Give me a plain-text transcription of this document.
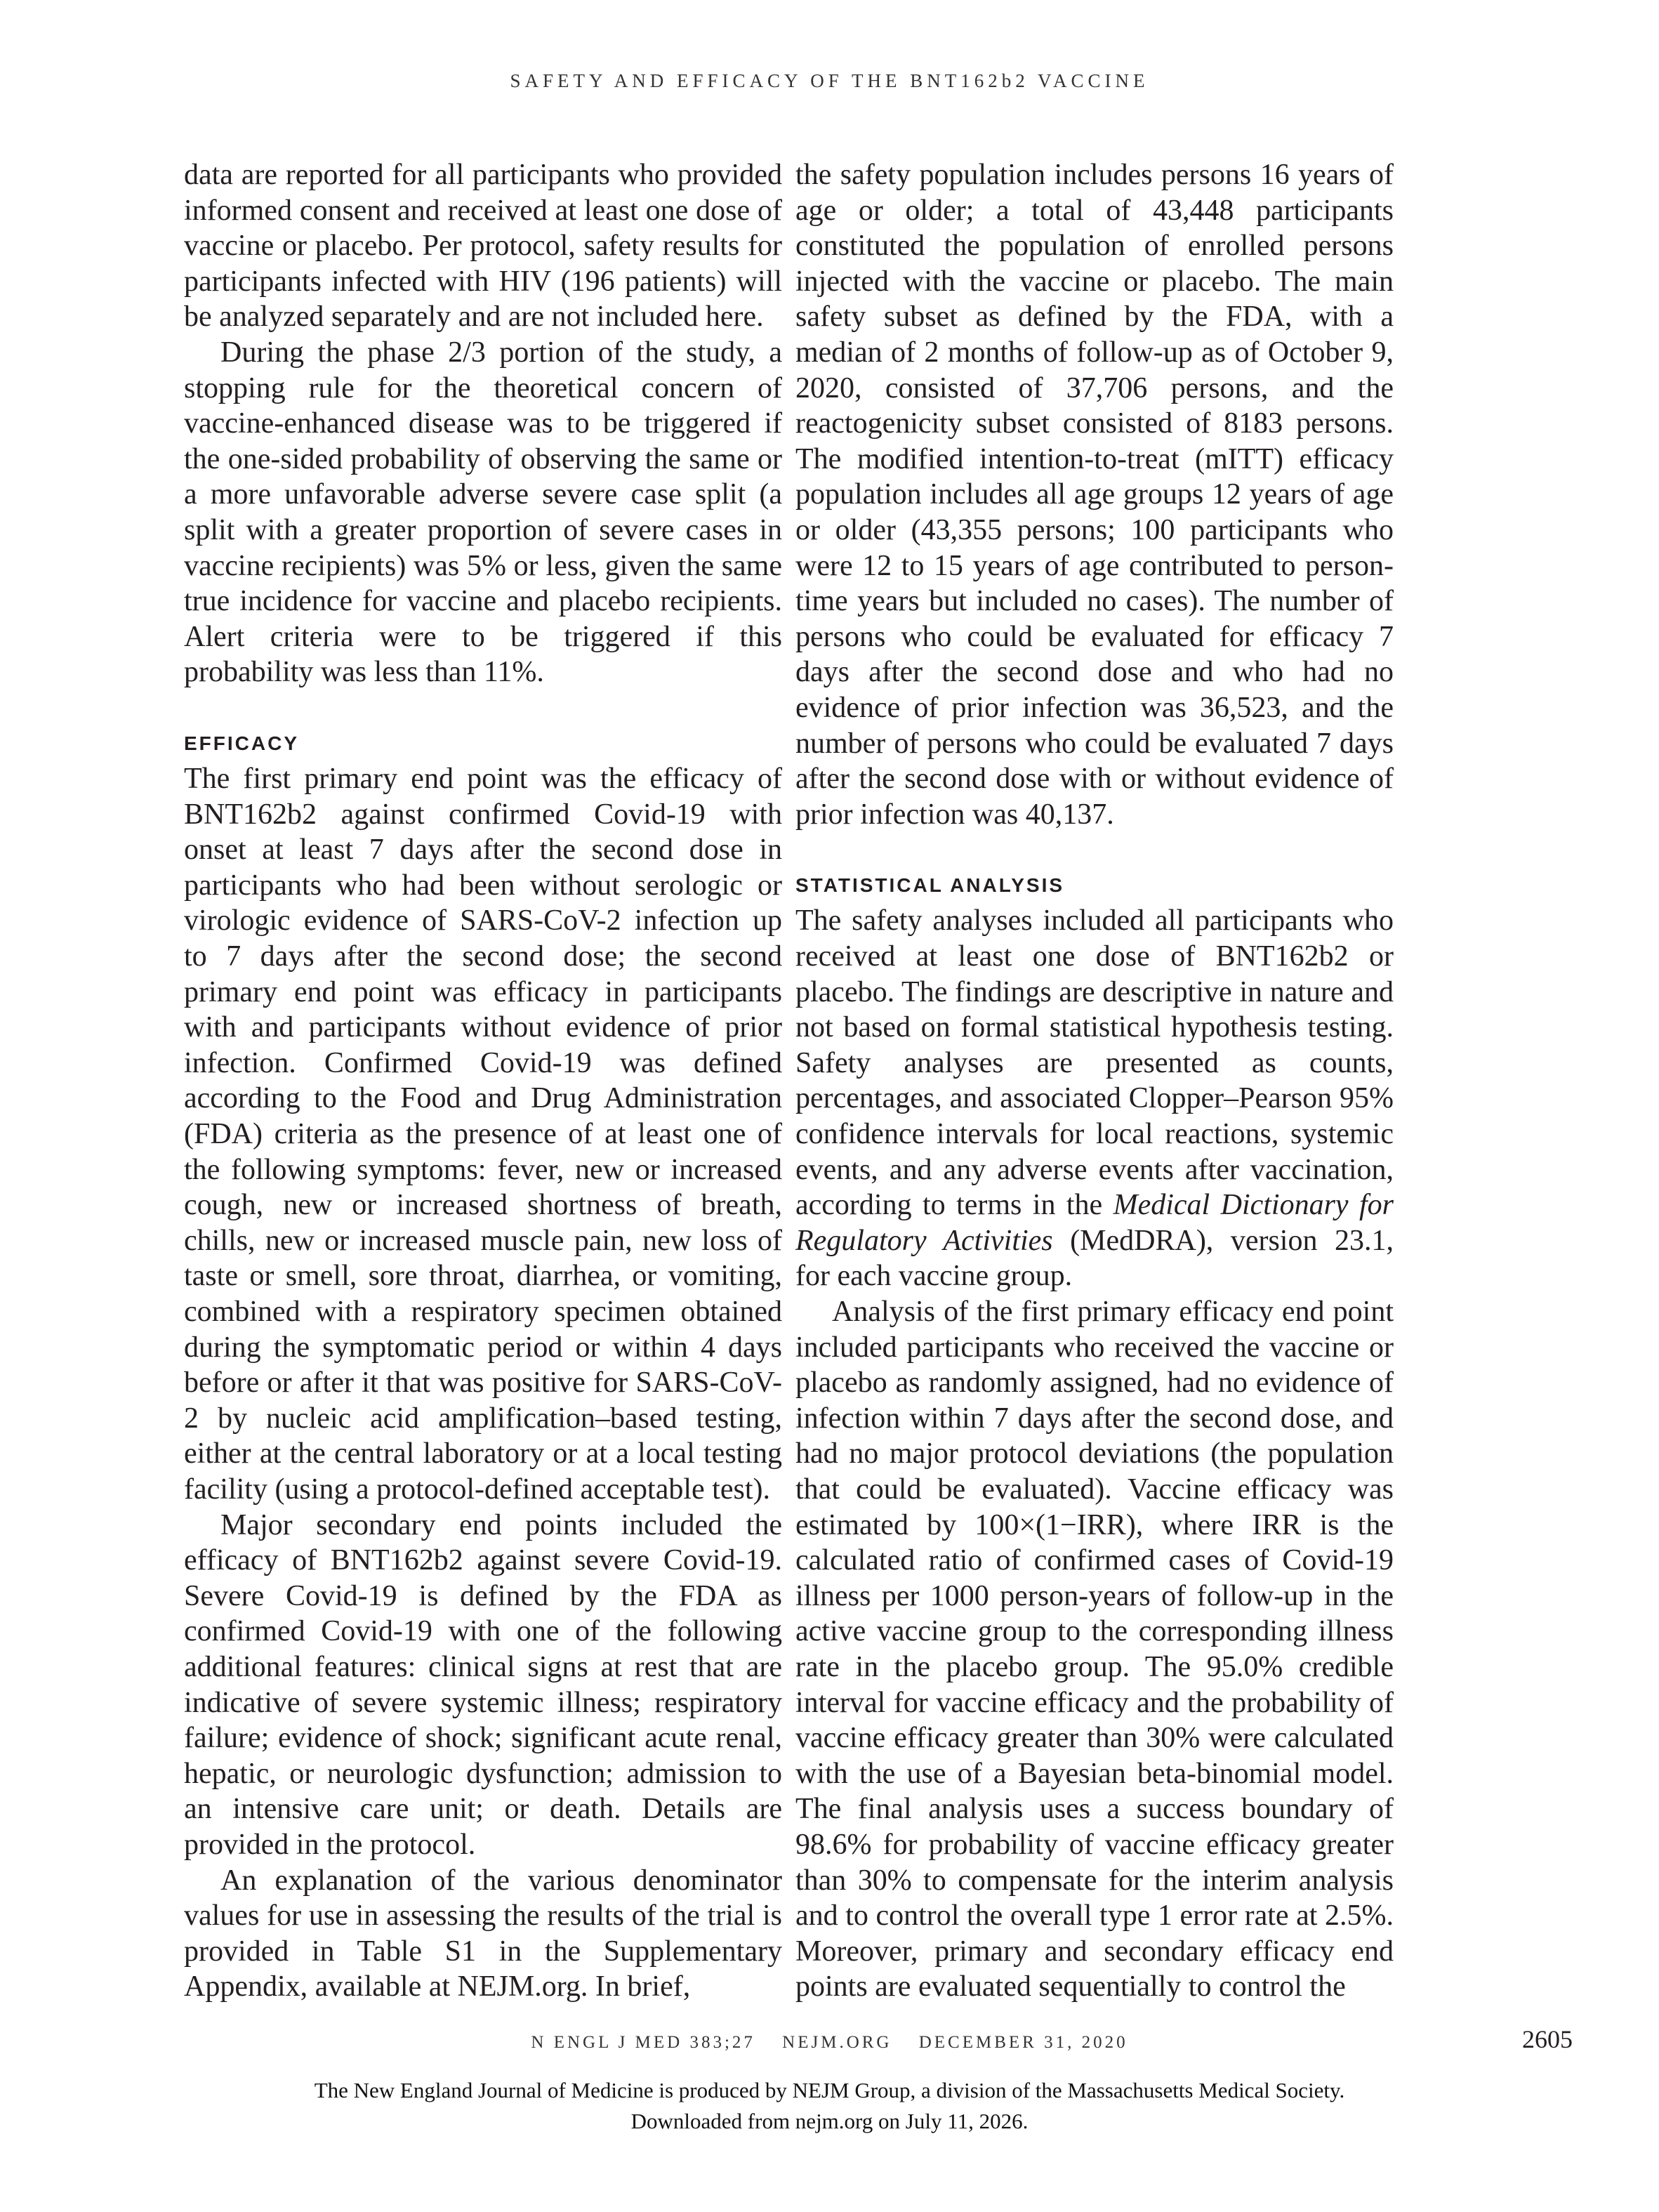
SAFETY AND EFFICACY OF THE BNT162b2 VACCINE

data are reported for all participants who provided informed consent and received at least one dose of vaccine or placebo. Per protocol, safety results for participants infected with HIV (196 patients) will be analyzed separately and are not included here.

During the phase 2/3 portion of the study, a stopping rule for the theoretical concern of vaccine-enhanced disease was to be triggered if the one-sided probability of observing the same or a more unfavorable adverse severe case split (a split with a greater proportion of severe cases in vaccine recipients) was 5% or less, given the same true incidence for vaccine and placebo recipients. Alert criteria were to be triggered if this probability was less than 11%.

EFFICACY

The first primary end point was the efficacy of BNT162b2 against confirmed Covid-19 with onset at least 7 days after the second dose in participants who had been without serologic or virologic evidence of SARS-CoV-2 infection up to 7 days after the second dose; the second primary end point was efficacy in participants with and participants without evidence of prior infection. Confirmed Covid-19 was defined according to the Food and Drug Administration (FDA) criteria as the presence of at least one of the following symptoms: fever, new or increased cough, new or increased shortness of breath, chills, new or increased muscle pain, new loss of taste or smell, sore throat, diarrhea, or vomiting, combined with a respiratory specimen obtained during the symptomatic period or within 4 days before or after it that was positive for SARS-CoV-2 by nucleic acid amplification–based testing, either at the central laboratory or at a local testing facility (using a protocol-defined acceptable test).

Major secondary end points included the efficacy of BNT162b2 against severe Covid-19. Severe Covid-19 is defined by the FDA as confirmed Covid-19 with one of the following additional features: clinical signs at rest that are indicative of severe systemic illness; respiratory failure; evidence of shock; significant acute renal, hepatic, or neurologic dysfunction; admission to an intensive care unit; or death. Details are provided in the protocol.

An explanation of the various denominator values for use in assessing the results of the trial is provided in Table S1 in the Supplementary Appendix, available at NEJM.org. In brief,

the safety population includes persons 16 years of age or older; a total of 43,448 participants constituted the population of enrolled persons injected with the vaccine or placebo. The main safety subset as defined by the FDA, with a median of 2 months of follow-up as of October 9, 2020, consisted of 37,706 persons, and the reactogenicity subset consisted of 8183 persons. The modified intention-to-treat (mITT) efficacy population includes all age groups 12 years of age or older (43,355 persons; 100 participants who were 12 to 15 years of age contributed to person-time years but included no cases). The number of persons who could be evaluated for efficacy 7 days after the second dose and who had no evidence of prior infection was 36,523, and the number of persons who could be evaluated 7 days after the second dose with or without evidence of prior infection was 40,137.

STATISTICAL ANALYSIS

The safety analyses included all participants who received at least one dose of BNT162b2 or placebo. The findings are descriptive in nature and not based on formal statistical hypothesis testing. Safety analyses are presented as counts, percentages, and associated Clopper–Pearson 95% confidence intervals for local reactions, systemic events, and any adverse events after vaccination, according to terms in the Medical Dictionary for Regulatory Activities (MedDRA), version 23.1, for each vaccine group.

Analysis of the first primary efficacy end point included participants who received the vaccine or placebo as randomly assigned, had no evidence of infection within 7 days after the second dose, and had no major protocol deviations (the population that could be evaluated). Vaccine efficacy was estimated by 100×(1−IRR), where IRR is the calculated ratio of confirmed cases of Covid-19 illness per 1000 person-years of follow-up in the active vaccine group to the corresponding illness rate in the placebo group. The 95.0% credible interval for vaccine efficacy and the probability of vaccine efficacy greater than 30% were calculated with the use of a Bayesian beta-binomial model. The final analysis uses a success boundary of 98.6% for probability of vaccine efficacy greater than 30% to compensate for the interim analysis and to control the overall type 1 error rate at 2.5%. Moreover, primary and secondary efficacy end points are evaluated sequentially to control the

N ENGL J MED 383;27 NEJM.ORG DECEMBER 31, 2020	2605
The New England Journal of Medicine is produced by NEJM Group, a division of the Massachusetts Medical Society.
Downloaded from nejm.org on July 11, 2026.
